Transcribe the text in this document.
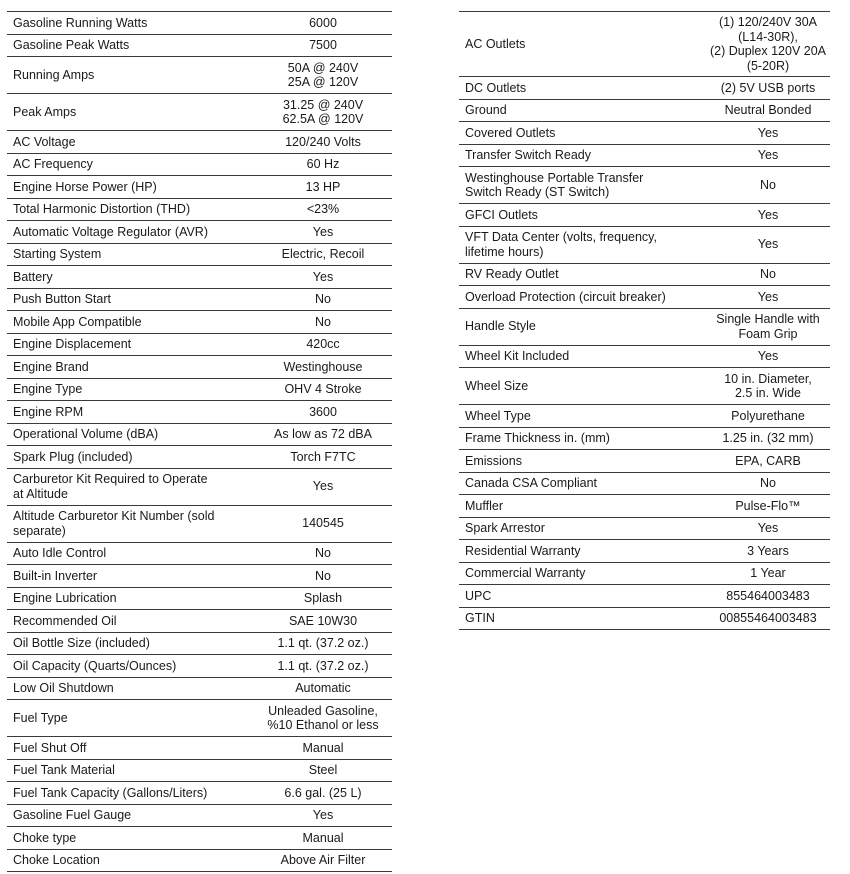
Gasoline Running Watts	6000
Gasoline Peak Watts	7500
Running Amps	50A @ 240V
25A @ 120V
Peak Amps	31.25 @ 240V
62.5A @ 120V
AC Voltage	120/240 Volts
AC Frequency	60 Hz
Engine Horse Power (HP)	13 HP
Total Harmonic Distortion (THD)	<23%
Automatic Voltage Regulator (AVR)	Yes
Starting System	Electric, Recoil
Battery	Yes
Push Button Start	No
Mobile App Compatible	No
Engine Displacement	420cc
Engine Brand	Westinghouse
Engine Type	OHV 4 Stroke
Engine RPM	3600
Operational Volume (dBA)	As low as 72 dBA
Spark Plug (included)	Torch F7TC
Carburetor Kit Required to Operate
at Altitude	Yes
Altitude Carburetor Kit Number (sold
separate)	140545
Auto Idle Control	No
Built-in Inverter	No
Engine Lubrication	Splash
Recommended Oil	SAE 10W30
Oil Bottle Size (included)	1.1 qt. (37.2 oz.)
Oil Capacity (Quarts/Ounces)	1.1 qt. (37.2 oz.)
Low Oil Shutdown	Automatic
Fuel Type	Unleaded Gasoline,
%10 Ethanol or less
Fuel Shut Off	Manual
Fuel Tank Material	Steel
Fuel Tank Capacity (Gallons/Liters)	6.6 gal. (25 L)
Gasoline Fuel Gauge	Yes
Choke type	Manual
Choke Location	Above Air Filter
AC Outlets	(1) 120/240V 30A
(L14-30R),
(2) Duplex 120V 20A
(5-20R)
DC Outlets	(2) 5V USB ports
Ground	Neutral Bonded
Covered Outlets	Yes
Transfer Switch Ready	Yes
Westinghouse Portable Transfer
Switch Ready (ST Switch)	No
GFCI Outlets	Yes
VFT Data Center (volts, frequency,
lifetime hours)	Yes
RV Ready Outlet	No
Overload Protection (circuit breaker)	Yes
Handle Style	Single Handle with
Foam Grip
Wheel Kit Included	Yes
Wheel Size	10 in. Diameter,
2.5 in. Wide
Wheel Type	Polyurethane
Frame Thickness in. (mm)	1.25 in. (32 mm)
Emissions	EPA, CARB
Canada CSA Compliant	No
Muffler	Pulse-Flo™
Spark Arrestor	Yes
Residential Warranty	3 Years
Commercial Warranty	1 Year
UPC	855464003483
GTIN	00855464003483
